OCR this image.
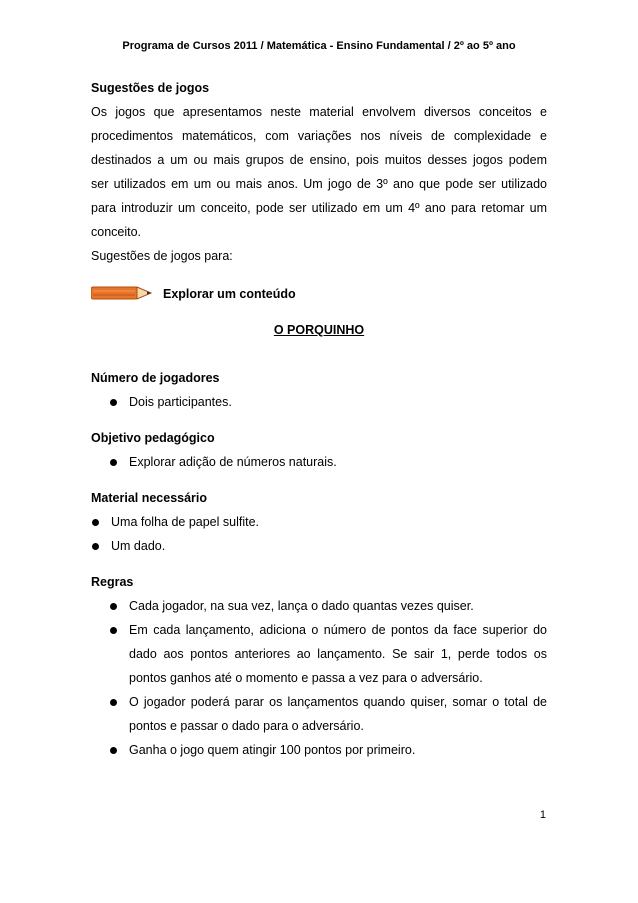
Programa de Cursos 2011 / Matemática - Ensino Fundamental / 2º ao 5º ano
Sugestões de jogos
Os jogos que apresentamos neste material envolvem diversos conceitos e
procedimentos matemáticos, com variações nos níveis de complexidade e
destinados a um ou mais grupos de ensino, pois muitos desses jogos podem
ser utilizados em um ou mais anos. Um jogo de 3º ano que pode ser utilizado
para introduzir um conceito, pode ser utilizado em um 4º ano para retomar um
conceito.
Sugestões de jogos para:
Explorar um conteúdo
O PORQUINHO
Número de jogadores
Dois participantes.
Objetivo pedagógico
Explorar adição de números naturais.
Material necessário
Uma folha de papel sulfite.
Um dado.
Regras
Cada jogador, na sua vez, lança o dado quantas vezes quiser.
Em cada lançamento, adiciona o número de pontos da face superior do dado aos pontos anteriores ao lançamento. Se sair 1, perde todos os pontos ganhos até o momento e passa a vez para o adversário.
O jogador poderá parar os lançamentos quando quiser, somar o total de pontos e passar o dado para o adversário.
Ganha o jogo quem atingir 100 pontos por primeiro.
1
